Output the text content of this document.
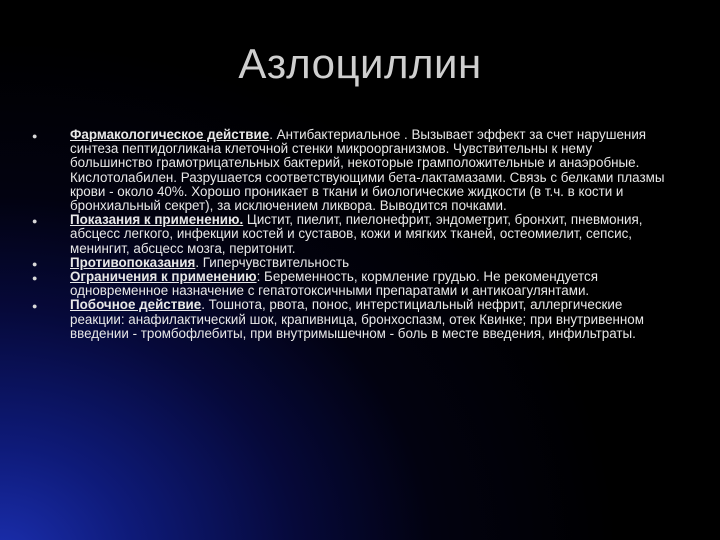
Азлоциллин
● Фармакологическое действие. Антибактериальное . Вызывает эффект за счет нарушения синтеза пептидогликана клеточной стенки микроорганизмов. Чувствительны к нему большинство грамотрицательных бактерий, некоторые грамположительные и анаэробные. Кислотолабилен. Разрушается соответствующими бета-лактамазами. Связь с белками плазмы крови - около 40%. Хорошо проникает в ткани и биологические жидкости (в т.ч. в кости и бронхиальный секрет), за исключением ликвора. Выводится почками.
● Показания к применению. Цистит, пиелит, пиелонефрит, эндометрит, бронхит, пневмония, абсцесс легкого, инфекции костей и суставов, кожи и мягких тканей, остеомиелит, сепсис, менингит, абсцесс мозга, перитонит.
● Противопоказания. Гиперчувствительность
● Ограничения к применению: Беременность, кормление грудью. Не рекомендуется одновременное назначение с гепатотоксичными препаратами и антикоагулянтами.
● Побочное действие. Тошнота, рвота, понос, интерстициальный нефрит, аллергические реакции: анафилактический шок, крапивница, бронхоспазм, отек Квинке; при внутривенном введении - тромбофлебиты, при внутримышечном - боль в месте введения, инфильтраты.
